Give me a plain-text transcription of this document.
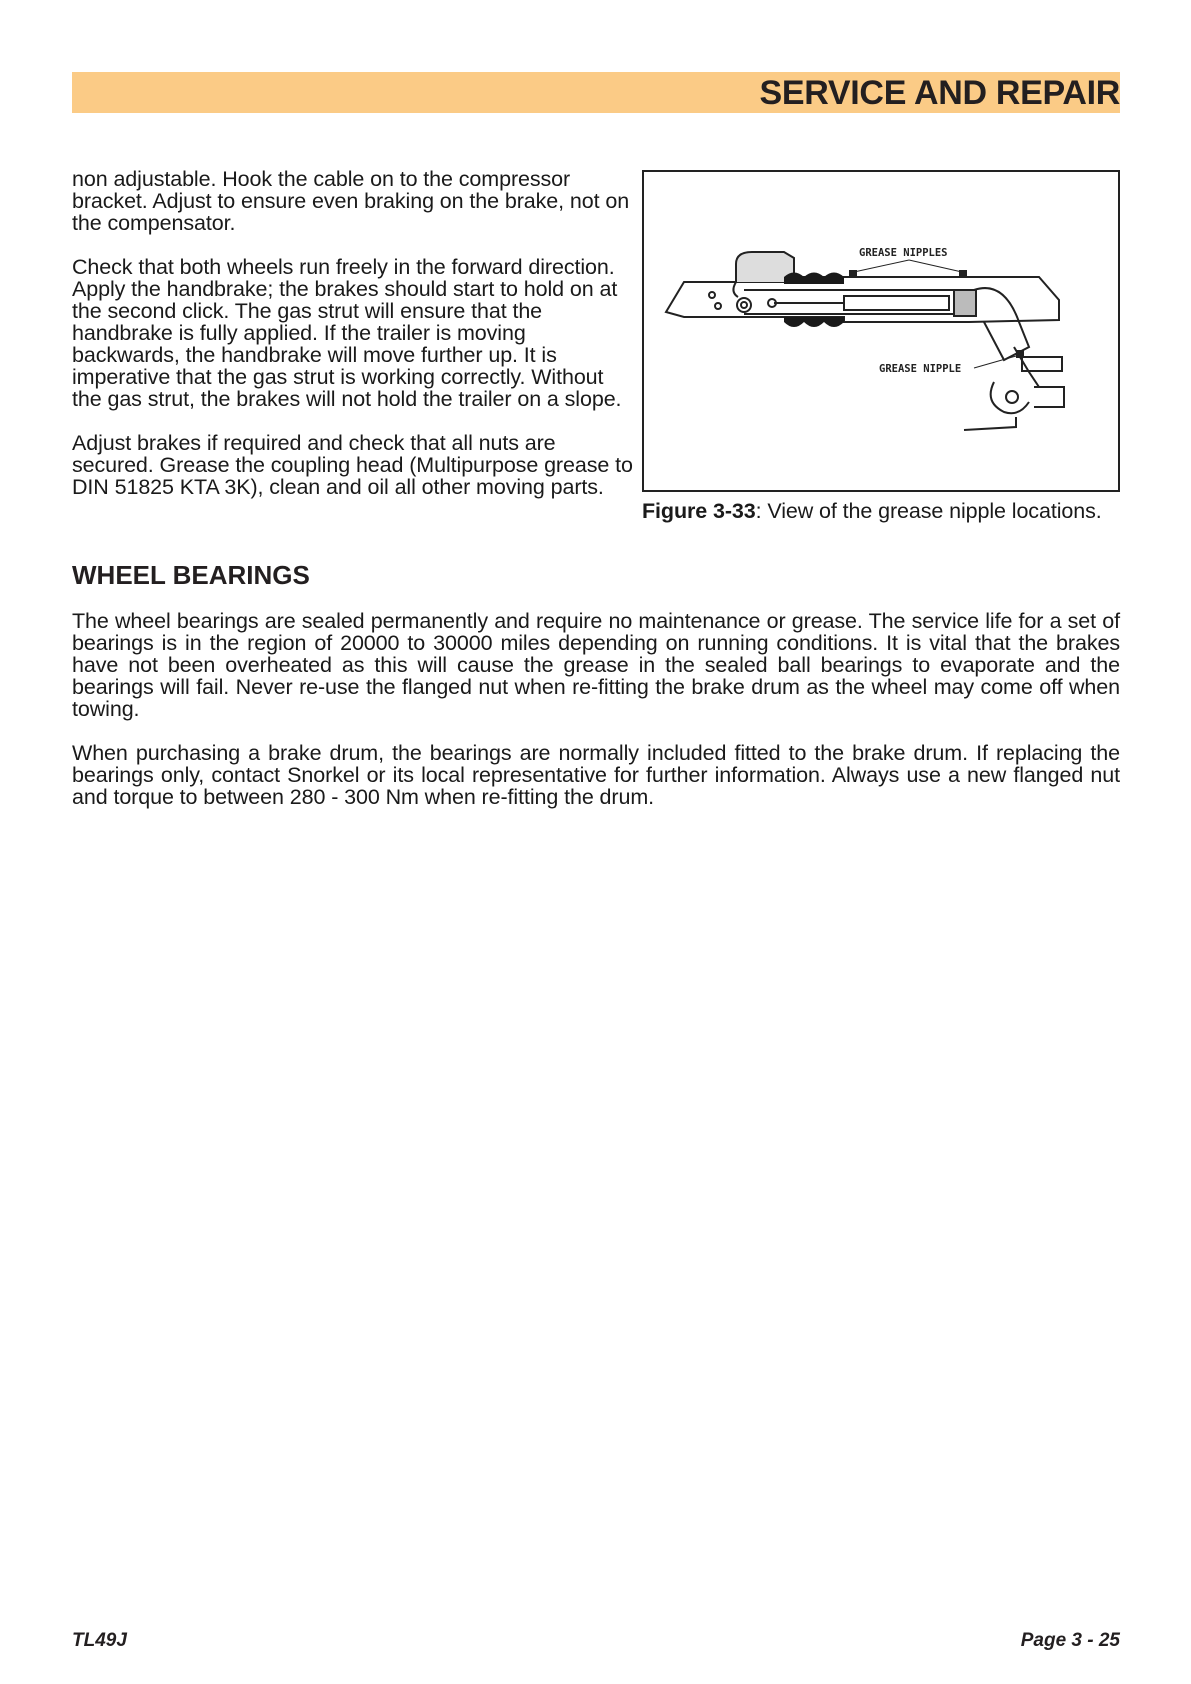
SERVICE AND REPAIR

non adjustable. Hook the cable on to the compressor bracket. Adjust to ensure even braking on the brake, not on the compensator.

Check that both wheels run freely in the forward direction. Apply the handbrake; the brakes should start to hold on at the second click. The gas strut will ensure that the handbrake is fully applied. If the trailer is moving backwards, the handbrake will move further up. It is imperative that the gas strut is working correctly. Without the gas strut, the brakes will not hold the trailer on a slope.

Adjust brakes if required and check that all nuts are secured. Grease the coupling head (Multipurpose grease to DIN 51825 KTA 3K), clean and oil all other moving parts.

GREASE NIPPLES
GREASE NIPPLE
Figure 3-33: View of the grease nipple locations.
WHEEL BEARINGS

The wheel bearings are sealed permanently and require no maintenance or grease. The service life for a set of bearings is in the region of 20000 to 30000 miles depending on running conditions. It is vital that the brakes have not been overheated as this will cause the grease in the sealed ball bearings to evaporate and the bearings will fail. Never re-use the flanged nut when re-fitting the brake drum as the wheel may come off when towing.

When purchasing a brake drum, the bearings are normally included fitted to the brake drum. If replacing the bearings only, contact Snorkel or its local representative for further information. Always use a new flanged nut and torque to between 280 - 300 Nm when re-fitting the drum.

TL49J	Page 3 - 25
